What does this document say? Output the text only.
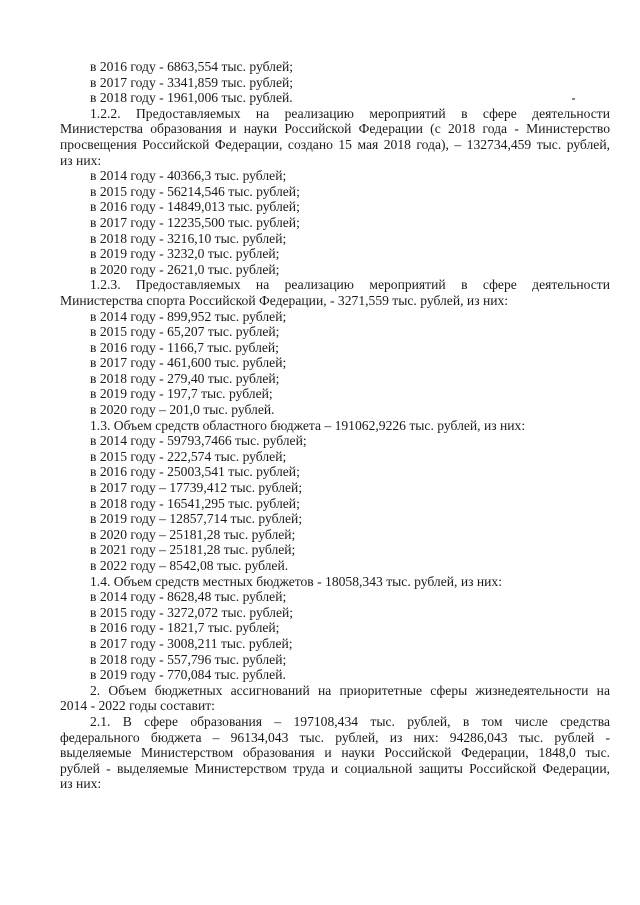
в 2016 году - 6863,554 тыс. рублей;
в 2017 году - 3341,859 тыс. рублей;
в 2018 году - 1961,006 тыс. рублей.
1.2.2. Предоставляемых на реализацию мероприятий в сфере деятельности
Министерства образования и науки Российской Федерации (с 2018 года - Министерство
просвещения Российской Федерации, создано 15 мая 2018 года), – 132734,459 тыс. рублей,
из них:
в 2014 году - 40366,3 тыс. рублей;
в 2015 году - 56214,546 тыс. рублей;
в 2016 году - 14849,013 тыс. рублей;
в 2017 году - 12235,500 тыс. рублей;
в 2018 году - 3216,10 тыс. рублей;
в 2019 году - 3232,0 тыс. рублей;
в 2020 году - 2621,0 тыс. рублей;
1.2.3. Предоставляемых на реализацию мероприятий в сфере деятельности
Министерства спорта Российской Федерации, - 3271,559 тыс. рублей, из них:
в 2014 году - 899,952 тыс. рублей;
в 2015 году - 65,207 тыс. рублей;
в 2016 году - 1166,7 тыс. рублей;
в 2017 году - 461,600 тыс. рублей;
в 2018 году - 279,40 тыс. рублей;
в 2019 году - 197,7 тыс. рублей;
в 2020 году – 201,0 тыс. рублей.
1.3. Объем средств областного бюджета – 191062,9226 тыс. рублей, из них:
в 2014 году - 59793,7466 тыс. рублей;
в 2015 году - 222,574 тыс. рублей;
в 2016 году - 25003,541 тыс. рублей;
в 2017 году – 17739,412 тыс. рублей;
в 2018 году - 16541,295 тыс. рублей;
в 2019 году – 12857,714 тыс. рублей;
в 2020 году – 25181,28 тыс. рублей;
в 2021 году – 25181,28 тыс. рублей;
в 2022 году – 8542,08 тыс. рублей.
1.4. Объем средств местных бюджетов - 18058,343 тыс. рублей, из них:
в 2014 году - 8628,48 тыс. рублей;
в 2015 году - 3272,072 тыс. рублей;
в 2016 году - 1821,7 тыс. рублей;
в 2017 году - 3008,211 тыс. рублей;
в 2018 году - 557,796 тыс. рублей;
в 2019 году - 770,084 тыс. рублей.
2. Объем бюджетных ассигнований на приоритетные сферы жизнедеятельности на
2014 - 2022 годы составит:
2.1. В сфере образования – 197108,434 тыс. рублей, в том числе средства
федерального бюджета – 96134,043 тыс. рублей, из них: 94286,043 тыс. рублей -
выделяемые Министерством образования и науки Российской Федерации, 1848,0 тыс.
рублей - выделяемые Министерством труда и социальной защиты Российской Федерации,
из них:
